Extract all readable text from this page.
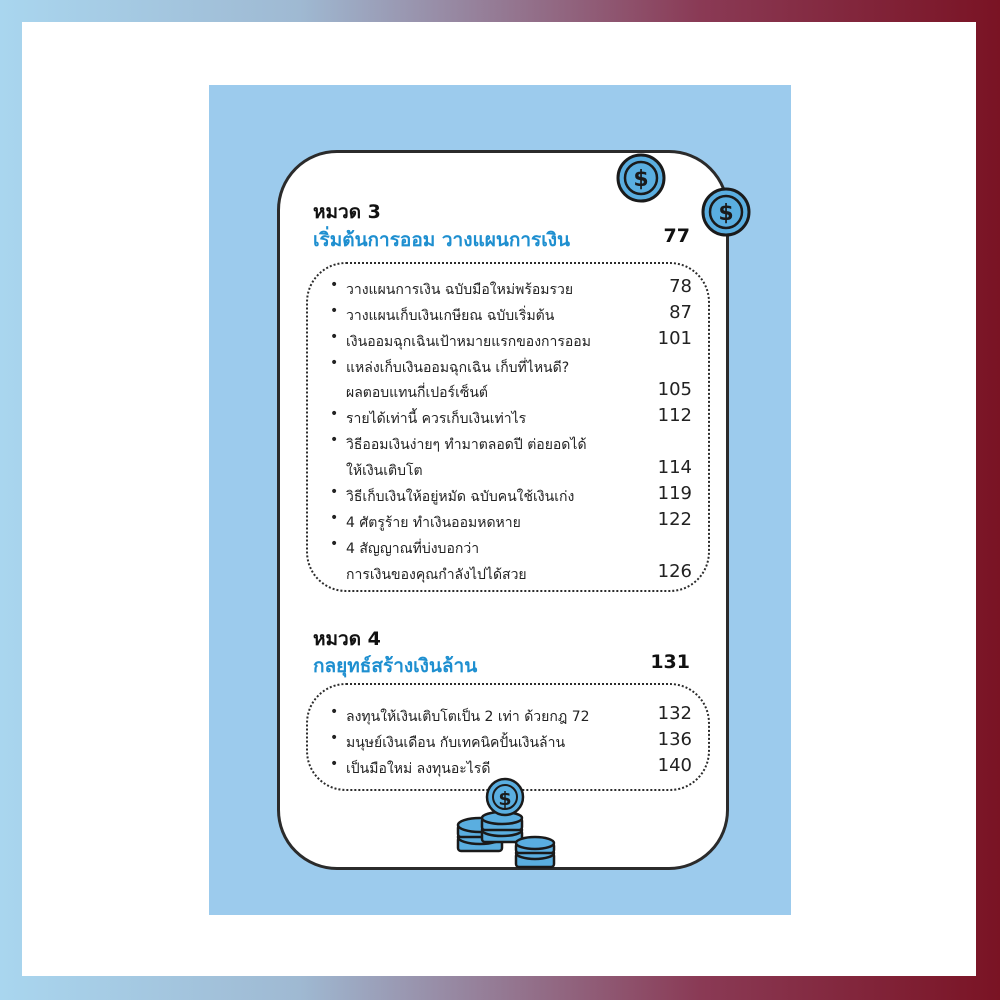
$
$
หมวด 3
เริ่มต้นการออม วางแผนการเงิน	77
• วางแผนการเงิน ฉบับมือใหม่พร้อมรวย	78
• วางแผนเก็บเงินเกษียณ ฉบับเริ่มต้น	87
• เงินออมฉุกเฉินเป้าหมายแรกของการออม	101
• แหล่งเก็บเงินออมฉุกเฉิน เก็บที่ไหนดี?
ผลตอบแทนกี่เปอร์เซ็นต์	105
• รายได้เท่านี้ ควรเก็บเงินเท่าไร	112
• วิธีออมเงินง่ายๆ ทำมาตลอดปี ต่อยอดได้
ให้เงินเติบโต	114
• วิธีเก็บเงินให้อยู่หมัด ฉบับคนใช้เงินเก่ง	119
• 4 ศัตรูร้าย ทำเงินออมหดหาย	122
• 4 สัญญาณที่บ่งบอกว่า
การเงินของคุณกำลังไปได้สวย	126
หมวด 4
กลยุทธ์สร้างเงินล้าน	131
• ลงทุนให้เงินเติบโตเป็น 2 เท่า ด้วยกฎ 72	132
• มนุษย์เงินเดือน กับเทคนิคปั้นเงินล้าน	136
• เป็นมือใหม่ ลงทุนอะไรดี	140
$
